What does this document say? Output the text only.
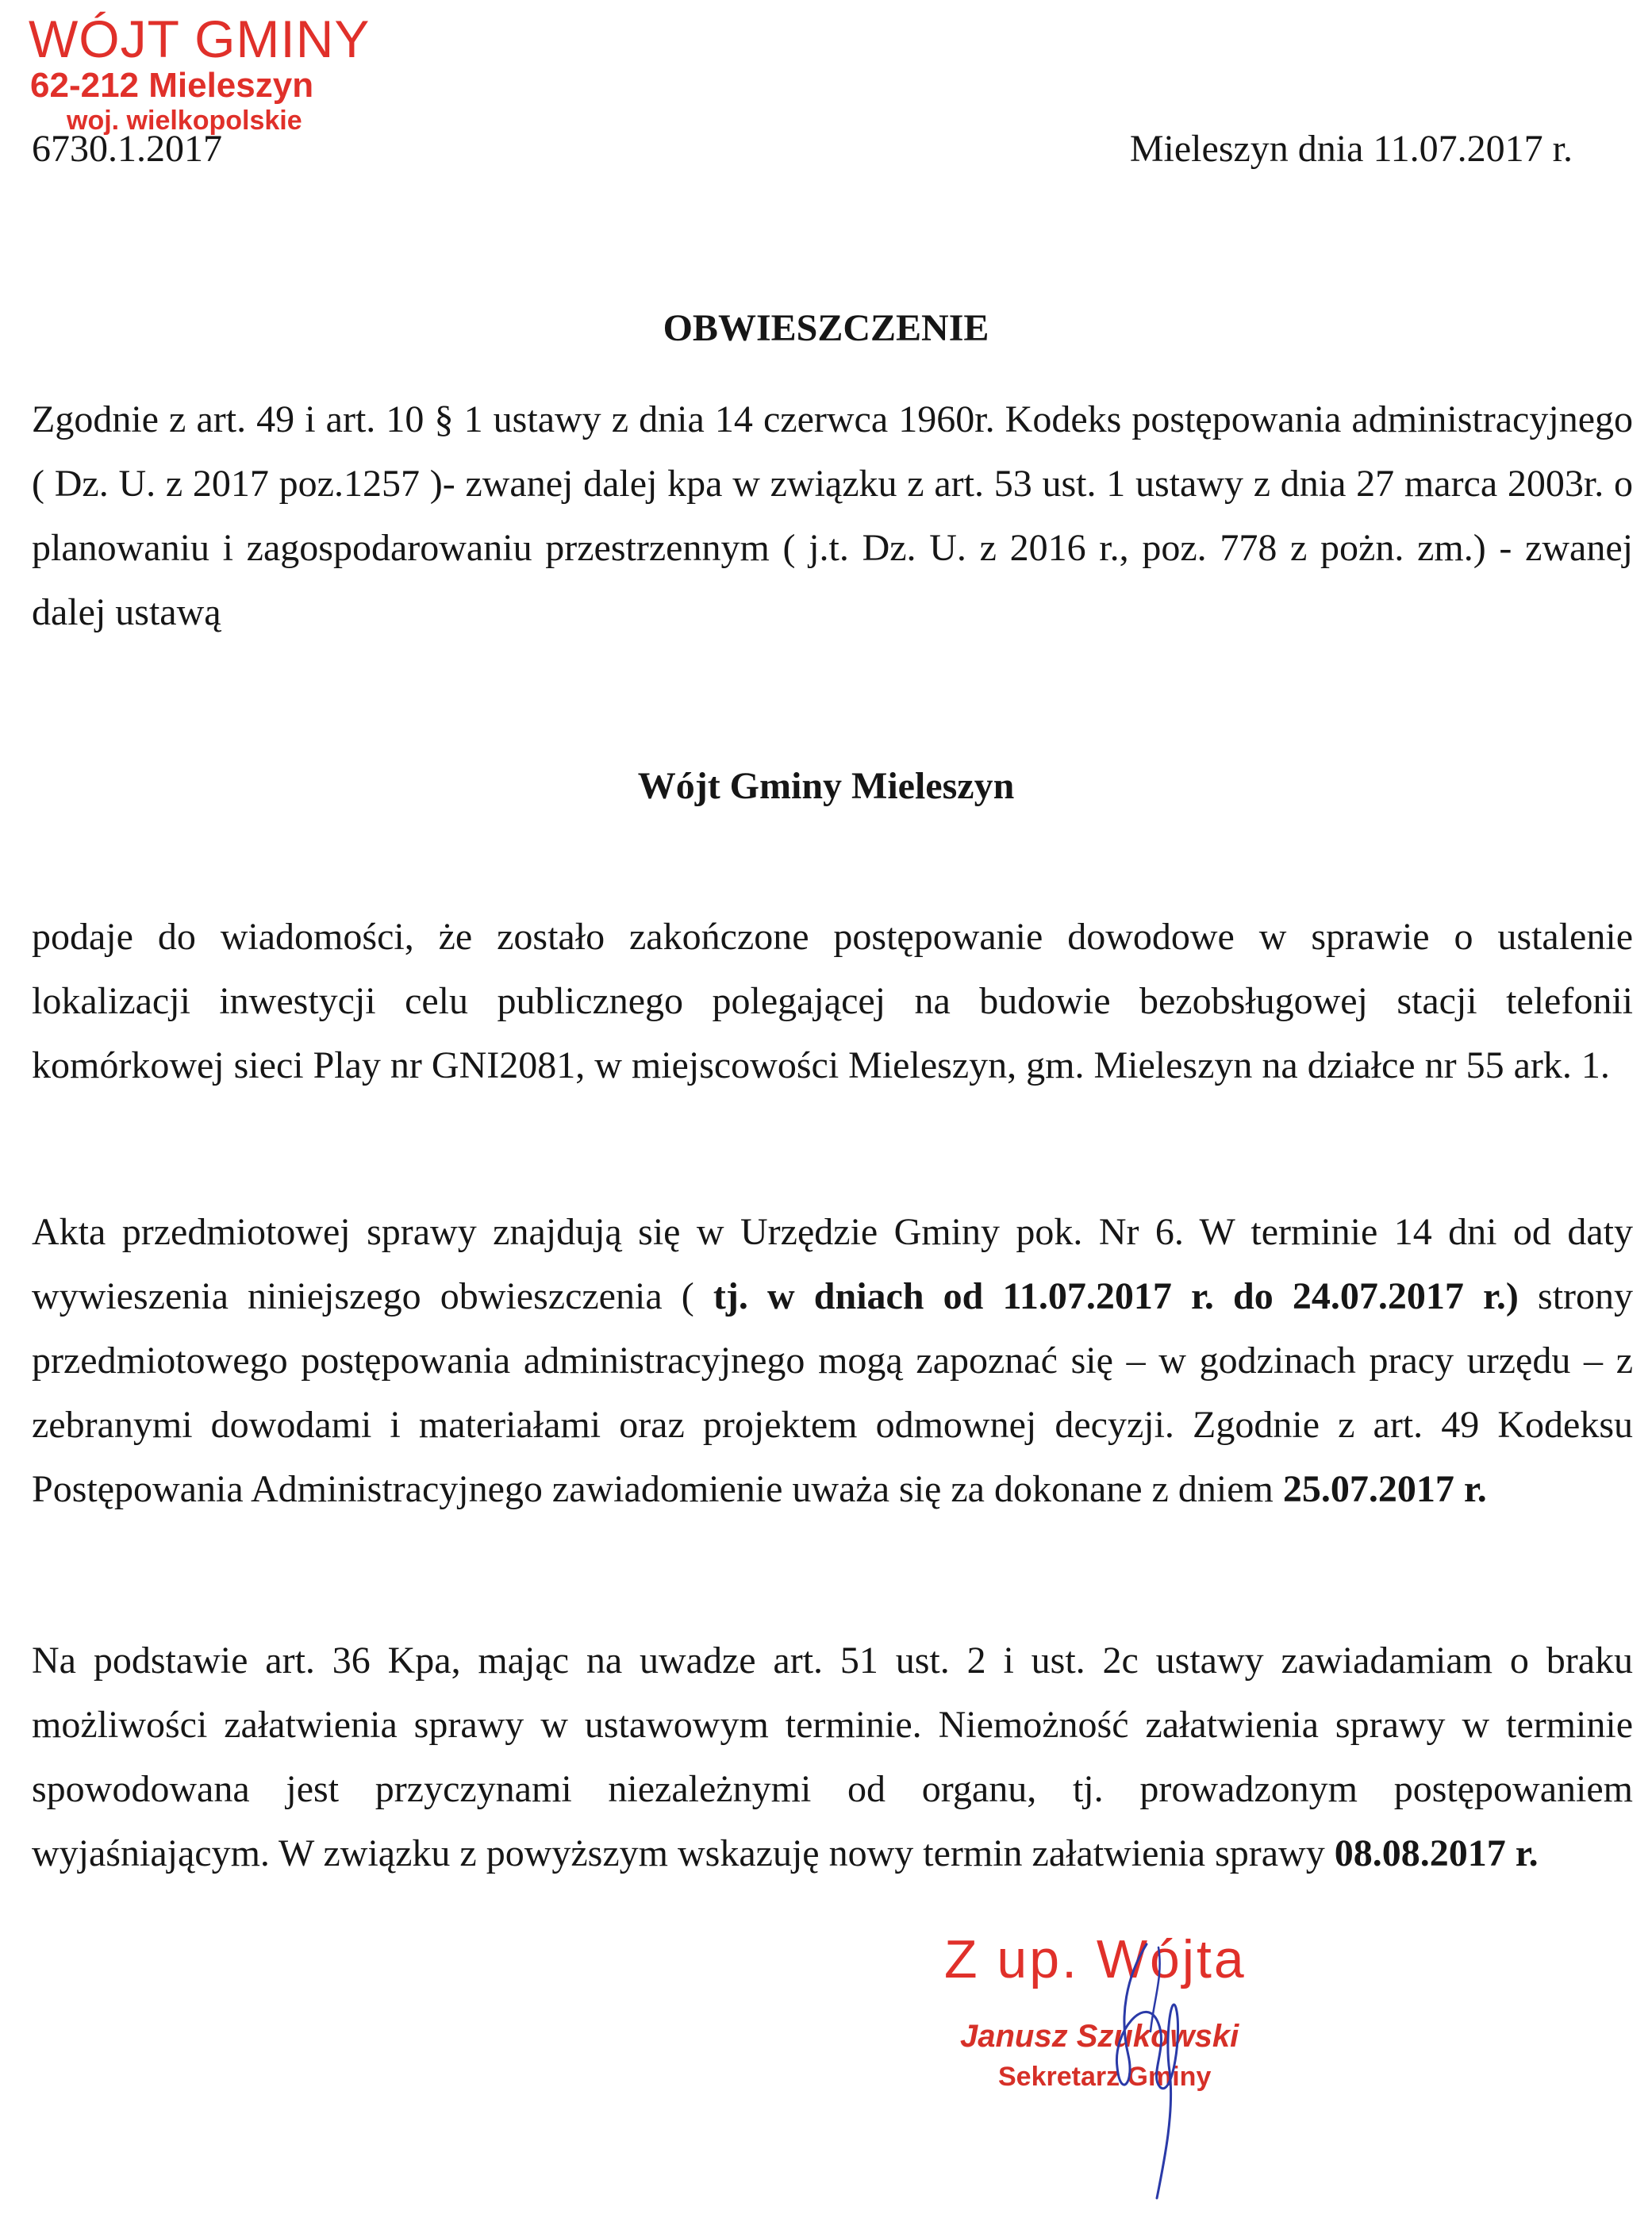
WÓJT GMINY
62-212 Mieleszyn
woj. wielkopolskie
6730.1.2017	Mieleszyn dnia 11.07.2017 r.
OBWIESZCZENIE

Zgodnie z art. 49 i art. 10 § 1 ustawy z dnia 14 czerwca 1960r. Kodeks postępowania administracyjnego ( Dz. U. z 2017 poz.1257 )- zwanej dalej kpa w związku z art. 53 ust. 1 ustawy z dnia 27 marca 2003r. o planowaniu i zagospodarowaniu przestrzennym ( j.t. Dz. U. z 2016 r., poz. 778 z pożn. zm.) - zwanej dalej ustawą

Wójt Gminy Mieleszyn

podaje do wiadomości, że zostało zakończone postępowanie dowodowe w sprawie o ustalenie lokalizacji inwestycji celu publicznego polegającej na budowie bezobsługowej stacji telefonii komórkowej sieci Play nr GNI2081, w miejscowości Mieleszyn, gm. Mieleszyn na działce nr 55 ark. 1.

Akta przedmiotowej sprawy znajdują się w Urzędzie Gminy pok. Nr 6. W terminie 14 dni od daty wywieszenia niniejszego obwieszczenia ( tj. w dniach od 11.07.2017 r. do 24.07.2017 r.) strony przedmiotowego postępowania administracyjnego mogą zapoznać się – w godzinach pracy urzędu – z zebranymi dowodami i materiałami oraz projektem odmownej decyzji. Zgodnie z art. 49 Kodeksu Postępowania Administracyjnego zawiadomienie uważa się za dokonane z dniem 25.07.2017 r.

Na podstawie art. 36 Kpa, mając na uwadze art. 51 ust. 2 i ust. 2c ustawy zawiadamiam o braku możliwości załatwienia sprawy w ustawowym terminie. Niemożność załatwienia sprawy w terminie spowodowana jest przyczynami niezależnymi od organu, tj. prowadzonym postępowaniem wyjaśniającym. W związku z powyższym wskazuję nowy termin załatwienia sprawy 08.08.2017 r.

Z up. Wójta
Janusz Szukowski
Sekretarz Gminy
